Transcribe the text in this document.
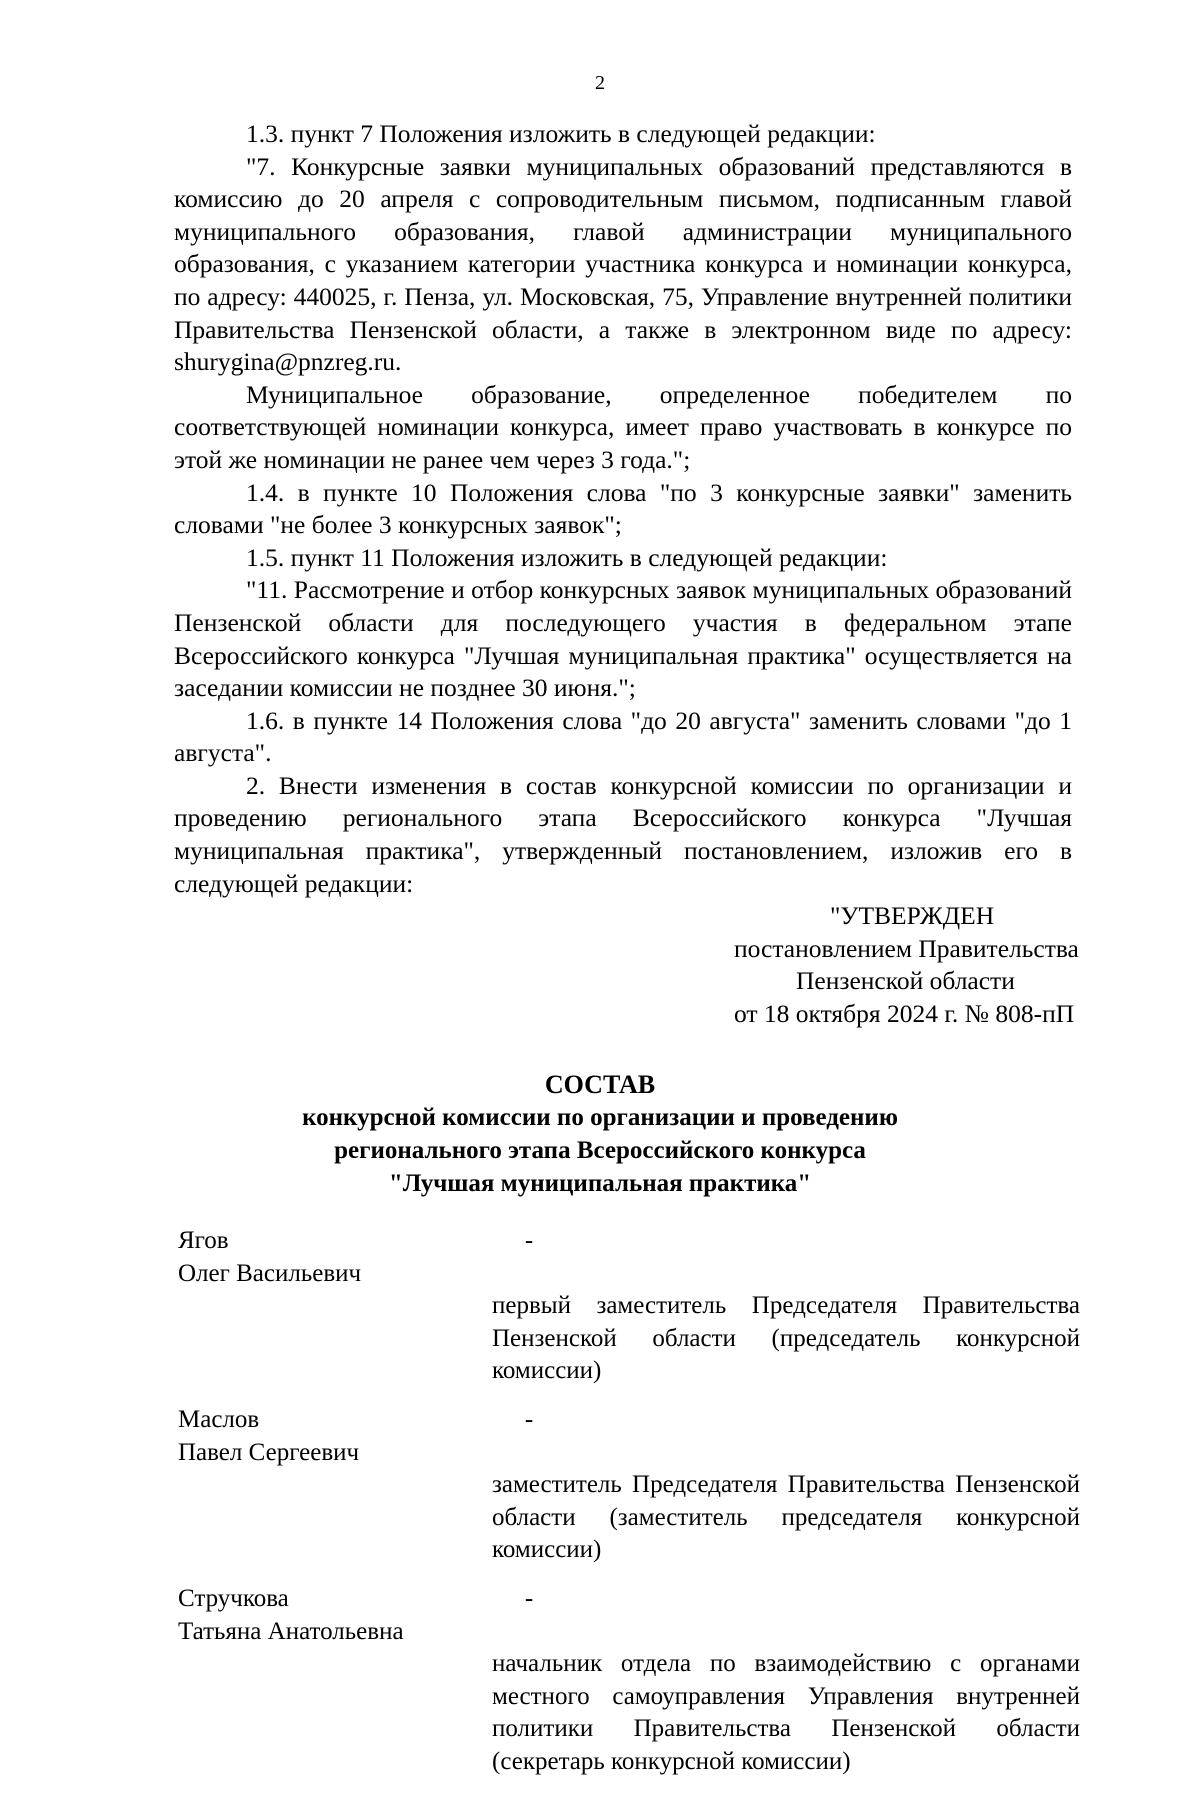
2

1.3. пункт 7 Положения изложить в следующей редакции:

"7. Конкурсные заявки муниципальных образований представляются в комиссию до 20 апреля с сопроводительным письмом, подписанным главой муниципального образования, главой администрации муниципального образования, с указанием категории участника конкурса и номинации конкурса, по адресу: 440025, г. Пенза, ул. Московская, 75, Управление внутренней политики Правительства Пензенской области, а также в электронном виде по адресу: shurygina@pnzreg.ru.

Муниципальное образование, определенное победителем по соответствующей номинации конкурса, имеет право участвовать в конкурсе по этой же номинации не ранее чем через 3 года.";

1.4. в пункте 10 Положения слова "по 3 конкурсные заявки" заменить словами "не более 3 конкурсных заявок";

1.5. пункт 11 Положения изложить в следующей редакции:

"11. Рассмотрение и отбор конкурсных заявок муниципальных образований Пензенской области для последующего участия в федеральном этапе Всероссийского конкурса "Лучшая муниципальная практика" осуществляется на заседании комиссии не позднее 30 июня.";

1.6. в пункте 14 Положения слова "до 20 августа" заменить словами "до 1 августа".

2. Внести изменения в состав конкурсной комиссии по организации и проведению регионального этапа Всероссийского конкурса "Лучшая муниципальная практика", утвержденный постановлением, изложив его в следующей редакции:

"УТВЕРЖДЕН
постановлением Правительства
Пензенской области
от 18 октября 2024 г. № 808-пП
СОСТАВ
конкурсной комиссии по организации и проведению
регионального этапа Всероссийского конкурса
"Лучшая муниципальная практика"
Ягов
Олег Васильевич
-
первый заместитель Председателя Правительства Пензенской области (председатель конкурсной комиссии)
Маслов
Павел Сергеевич
-
заместитель Председателя Правительства Пензенской области (заместитель председателя конкурсной комиссии)
Стручкова
Татьяна Анатольевна
-
начальник отдела по взаимодействию с органами местного самоуправления Управления внутренней политики Правительства Пензенской области (секретарь конкурсной комиссии)
